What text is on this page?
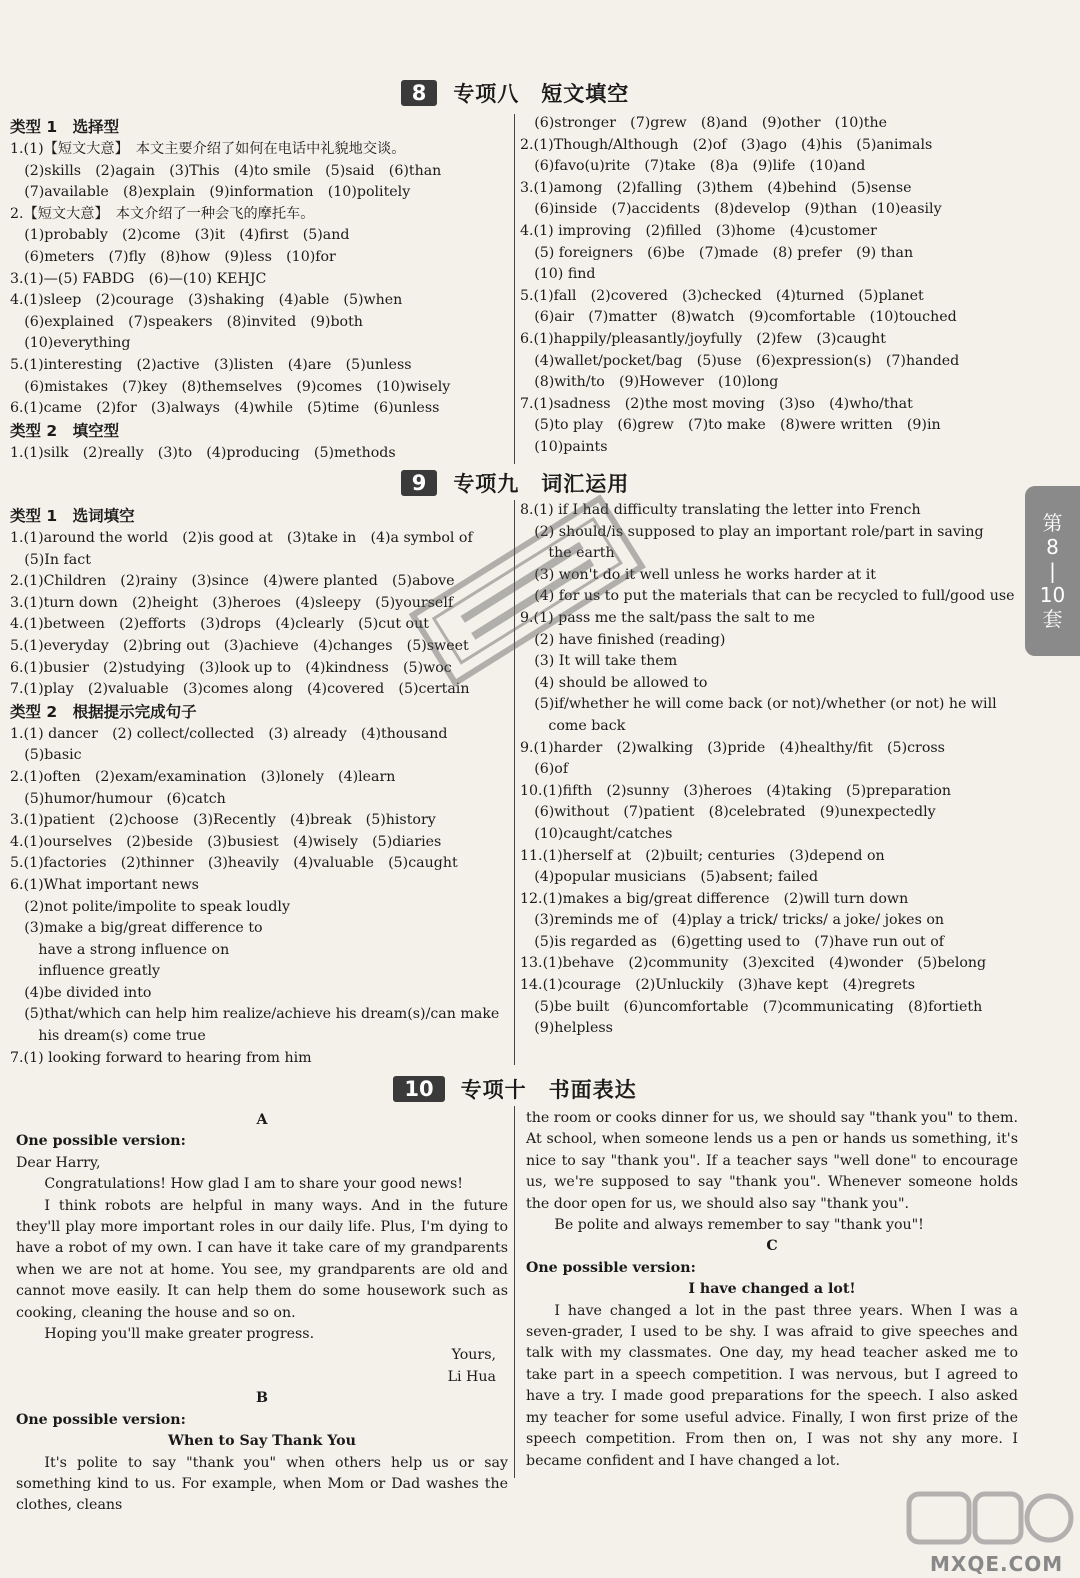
8	专项八　短文填空
类型 1　选择型
1.(1)【短文大意】　本文主要介绍了如何在电话中礼貌地交谈。
　(2)skills　(2)again　(3)This　(4)to smile　(5)said　(6)than
　(7)available　(8)explain　(9)information　(10)politely
2.【短文大意】　本文介绍了一种会飞的摩托车。
　(1)probably　(2)come　(3)it　(4)first　(5)and
　(6)meters　(7)fly　(8)how　(9)less　(10)for
3.(1)—(5) FABDG　(6)—(10) KEHJC
4.(1)sleep　(2)courage　(3)shaking　(4)able　(5)when
　(6)explained　(7)speakers　(8)invited　(9)both
　(10)everything
5.(1)interesting　(2)active　(3)listen　(4)are　(5)unless
　(6)mistakes　(7)key　(8)themselves　(9)comes　(10)wisely
6.(1)came　(2)for　(3)always　(4)while　(5)time　(6)unless
类型 2　填空型
1.(1)silk　(2)really　(3)to　(4)producing　(5)methods
　(6)stronger　(7)grew　(8)and　(9)other　(10)the
2.(1)Though/Although　(2)of　(3)ago　(4)his　(5)animals
　(6)favo(u)rite　(7)take　(8)a　(9)life　(10)and
3.(1)among　(2)falling　(3)them　(4)behind　(5)sense
　(6)inside　(7)accidents　(8)develop　(9)than　(10)easily
4.(1) improving　(2)filled　(3)home　(4)customer
　(5) foreigners　(6)be　(7)made　(8) prefer　(9) than
　(10) find
5.(1)fall　(2)covered　(3)checked　(4)turned　(5)planet
　(6)air　(7)matter　(8)watch　(9)comfortable　(10)touched
6.(1)happily/pleasantly/joyfully　(2)few　(3)caught
　(4)wallet/pocket/bag　(5)use　(6)expression(s)　(7)handed
　(8)with/to　(9)However　(10)long
7.(1)sadness　(2)the most moving　(3)so　(4)who/that
　(5)to play　(6)grew　(7)to make　(8)were written　(9)in
　(10)paints
9	专项九　词汇运用
类型 1　选词填空
1.(1)around the world　(2)is good at　(3)take in　(4)a symbol of
　(5)In fact
2.(1)Children　(2)rainy　(3)since　(4)were planted　(5)above
3.(1)turn down　(2)height　(3)heroes　(4)sleepy　(5)yourself
4.(1)between　(2)efforts　(3)drops　(4)clearly　(5)cut out
5.(1)everyday　(2)bring out　(3)achieve　(4)changes　(5)sweet
6.(1)busier　(2)studying　(3)look up to　(4)kindness　(5)woc
7.(1)play　(2)valuable　(3)comes along　(4)covered　(5)certain
类型 2　根据提示完成句子
1.(1) dancer　(2) collect/collected　(3) already　(4)thousand
　(5)basic
2.(1)often　(2)exam/examination　(3)lonely　(4)learn
　(5)humor/humour　(6)catch
3.(1)patient　(2)choose　(3)Recently　(4)break　(5)history
4.(1)ourselves　(2)beside　(3)busiest　(4)wisely　(5)diaries
5.(1)factories　(2)thinner　(3)heavily　(4)valuable　(5)caught
6.(1)What important news
　(2)not polite/impolite to speak loudly
　(3)make a big/great difference to
　　have a strong influence on
　　influence greatly
　(4)be divided into
　(5)that/which can help him realize/achieve his dream(s)/can make
　　his dream(s) come true
7.(1) looking forward to hearing from him
8.(1) if I had difficulty translating the letter into French
　(2) should/is supposed to play an important role/part in saving
　　the earth
　(3) won't do it well unless he works harder at it
　(4) for us to put the materials that can be recycled to full/good use
9.(1) pass me the salt/pass the salt to me
　(2) have finished (reading)
　(3) It will take them
　(4) should be allowed to
　(5)if/whether he will come back (or not)/whether (or not) he will
　　come back
9.(1)harder　(2)walking　(3)pride　(4)healthy/fit　(5)cross
　(6)of
10.(1)fifth　(2)sunny　(3)heroes　(4)taking　(5)preparation
　(6)without　(7)patient　(8)celebrated　(9)unexpectedly
　(10)caught/catches
11.(1)herself at　(2)built; centuries　(3)depend on
　(4)popular musicians　(5)absent; failed
12.(1)makes a big/great difference　(2)will turn down
　(3)reminds me of　(4)play a trick/ tricks/ a joke/ jokes on
　(5)is regarded as　(6)getting used to　(7)have run out of
13.(1)behave　(2)community　(3)excited　(4)wonder　(5)belong
14.(1)courage　(2)Unluckily　(3)have kept　(4)regrets
　(5)be built　(6)uncomfortable　(7)communicating　(8)fortieth
　(9)helpless
10	专项十　书面表达

A

One possible version:

Dear Harry,

Congratulations! How glad I am to share your good news!

I think robots are helpful in many ways. And in the future they'll play more important roles in our daily life. Plus, I'm dying to have a robot of my own. I can have it take care of my grandparents when we are not at home. You see, my grandparents are old and cannot move easily. It can help them do some housework such as cooking, cleaning the house and so on.

Hoping you'll make greater progress.

Yours,

Li Hua

B

One possible version:

When to Say Thank You

It's polite to say "thank you" when others help us or say something kind to us. For example, when Mom or Dad washes the clothes, cleans

the room or cooks dinner for us, we should say "thank you" to them. At school, when someone lends us a pen or hands us something, it's nice to say "thank you". If a teacher says "well done" to encourage us, we're supposed to say "thank you". Whenever someone holds the door open for us, we should also say "thank you".

Be polite and always remember to say "thank you"!

C

One possible version:

I have changed a lot!

I have changed a lot in the past three years. When I was a seven-grader, I used to be shy. I was afraid to give speeches and talk with my classmates. One day, my head teacher asked me to take part in a speech competition. I was nervous, but I agreed to have a try. I made good preparations for the speech. I also asked my teacher for some useful advice. Finally, I won first prize of the speech competition. From then on, I was not shy any more. I became confident and I have changed a lot.

第
8
|
10
套
MXQE.COM
